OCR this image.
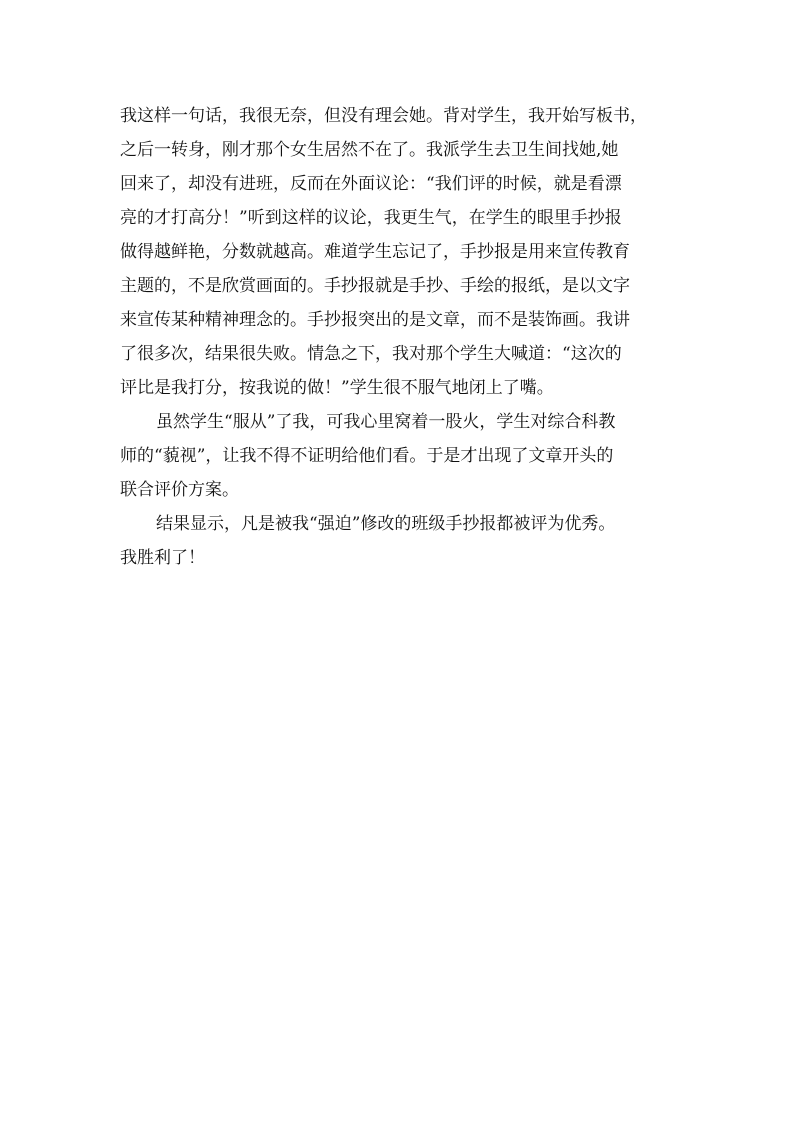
我这样一句话，我很无奈，但没有理会她。背对学生，我开始写板书，
之后一转身，刚才那个女生居然不在了。我派学生去卫生间找她,她
回来了，却没有进班，反而在外面议论：“我们评的时候，就是看漂
亮的才打高分！”听到这样的议论，我更生气，在学生的眼里手抄报
做得越鲜艳，分数就越高。难道学生忘记了，手抄报是用来宣传教育
主题的，不是欣赏画面的。手抄报就是手抄、手绘的报纸，是以文字
来宣传某种精神理念的。手抄报突出的是文章，而不是装饰画。我讲
了很多次，结果很失败。情急之下，我对那个学生大喊道：“这次的
评比是我打分，按我说的做！”学生很不服气地闭上了嘴。
虽然学生“服从”了我，可我心里窝着一股火，学生对综合科教
师的“藐视”，让我不得不证明给他们看。于是才出现了文章开头的
联合评价方案。
结果显示，凡是被我“强迫”修改的班级手抄报都被评为优秀。
我胜利了！
